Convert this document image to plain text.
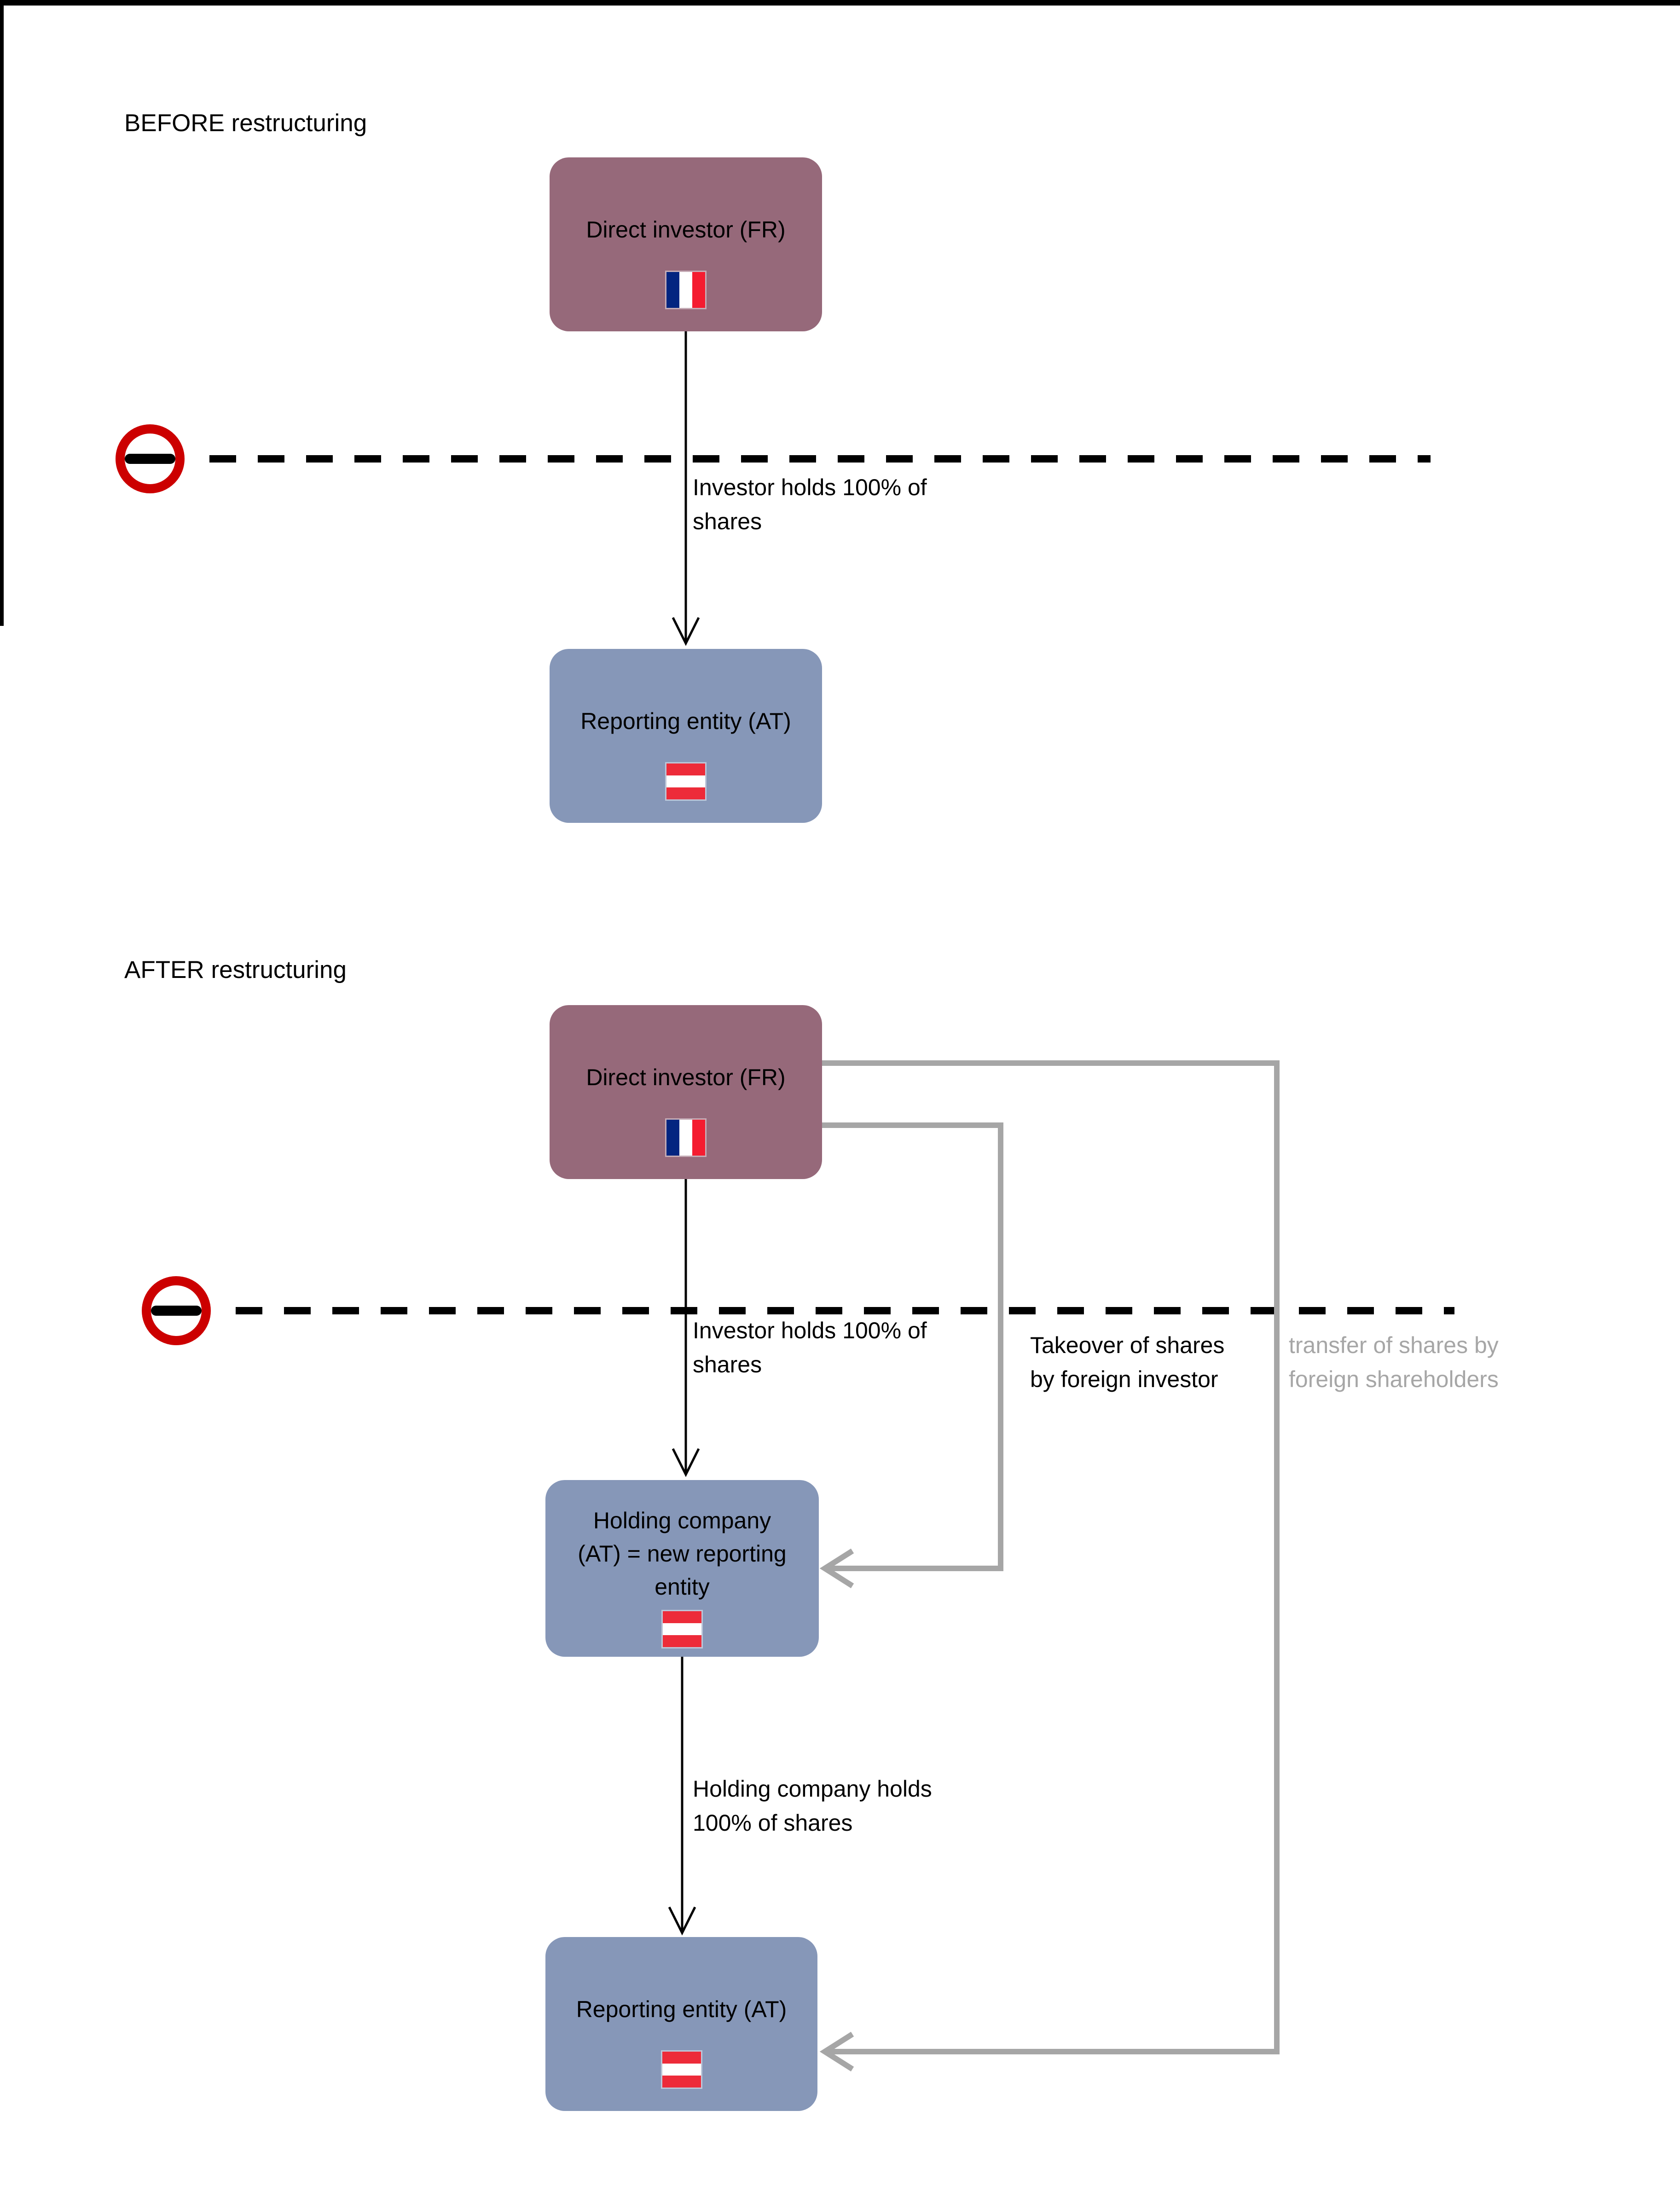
BEFORE restructuring
AFTER restructuring
Direct investor (FR)
Reporting entity (AT)
Direct investor (FR)
Holding company
(AT) = new reporting
entity
Reporting entity (AT)
Investor holds 100% of
shares
Investor holds 100% of
shares
Takeover of shares
by foreign investor
transfer of shares by
foreign shareholders
Holding company holds
100% of shares
